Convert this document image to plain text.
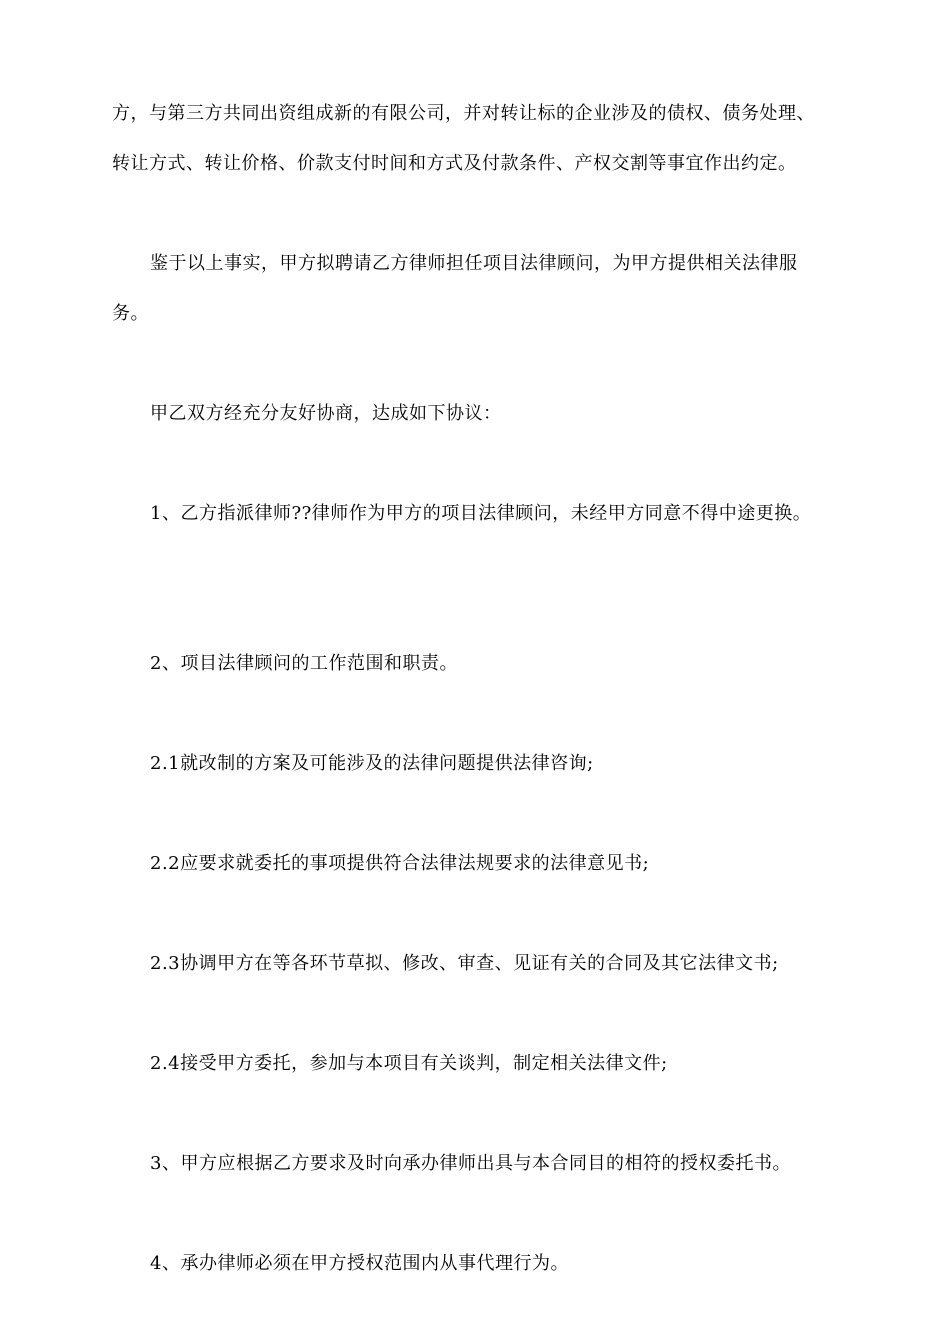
方，与第三方共同出资组成新的有限公司，并对转让标的企业涉及的债权、债务处理、
转让方式、转让价格、价款支付时间和方式及付款条件、产权交割等事宜作出约定。
鉴于以上事实，甲方拟聘请乙方律师担任项目法律顾问，为甲方提供相关法律服
务。
甲乙双方经充分友好协商，达成如下协议：
1、乙方指派律师??律师作为甲方的项目法律顾问，未经甲方同意不得中途更换。
2、项目法律顾问的工作范围和职责。
2.1就改制的方案及可能涉及的法律问题提供法律咨询;
2.2应要求就委托的事项提供符合法律法规要求的法律意见书;
2.3协调甲方在等各环节草拟、修改、审查、见证有关的合同及其它法律文书;
2.4接受甲方委托，参加与本项目有关谈判，制定相关法律文件;
3、甲方应根据乙方要求及时向承办律师出具与本合同目的相符的授权委托书。
4、承办律师必须在甲方授权范围内从事代理行为。
